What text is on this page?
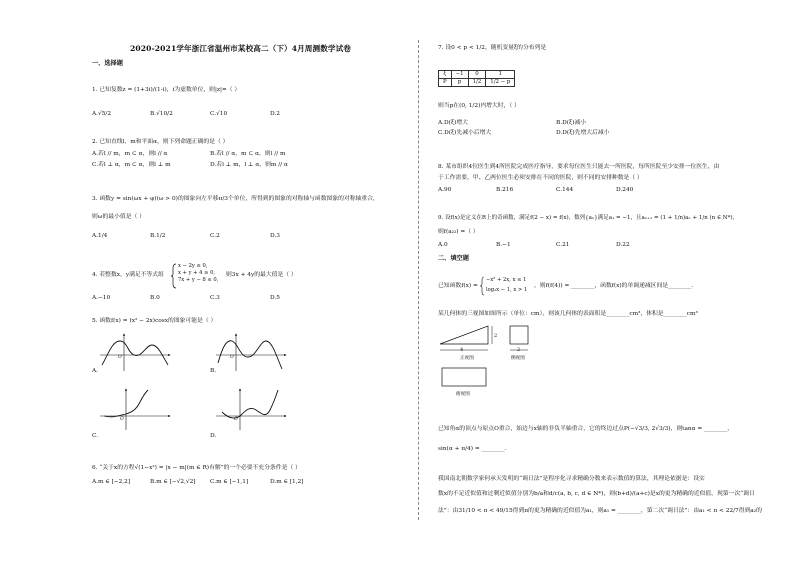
2020-2021学年浙江省温州市某校高二（下）4月周测数学试卷
一、选择题
1. 已知复数z = (1+3i)/(1-i)，i为虚数单位，则|z|=（ ）
A.√5/2	B.√10/2	C.√10	D.2
2. 已知直线l，m和平面α，则下列命题正确的是（ ）
A.若l // m，m ⊂ α，则l // α	B.若l // α，m ⊂ α，则l // m
C.若l ⊥ α，m ⊂ α，则l ⊥ m	D.若l ⊥ m，l ⊥ α，则m // α
3. 函数y = sin(ωx + φ)(ω > 0)的图象向左平移π/3个单位，所得到的图象的对称轴与函数图象的对称轴重合，
则ω的最小值是（ ）
A.1/4	B.1/2	C.2	D.3
4. 若整数x，y满足不等式组
x − 2y ≤ 0,
x + y + 4 ≥ 0,
7x + y − 8 ≤ 0,
则3x + 4y的最大值是（ ）
A.−10	B.0	C.3	D.5
5. 函数f(x) = (x² − 2x)cosx的图象可能是（ ）
O
A.
O
B.
O
C.
O
D.
6. “关于x的方程√(1−x²) = |x − m|(m ∈ R)有解”的一个必要不充分条件是（ ）
A.m ∈ [−2,2]	B.m ∈ [−√2,√2] C.m ∈ [−1,1]	D.m ∈ [1,2]
7. 设0 < p < 1/2，随机变量ξ的分布列是
ξ	−1	0	1
P	p	1/2	1/2 − p
则当p在(0, 1/2)内增大时，（ ）
A.D(ξ)增大	B.D(ξ)减小
C.D(ξ)先减小后增大	D.D(ξ)先增大后减小
8. 某市组织4位医生到4所医院完成医疗指导，要求每位医生只能去一所医院，每所医院至少安排一位医生，由
于工作需要，甲、乙两位医生必须安排在不同的医院，则不同的安排种数是（ ）
A.90	B.216	C.144	D.240
9. 设f(x)是定义在R上的奇函数，满足f(2 − x) = f(x)，数列{aₙ}满足a₁ = −1，且aₙ₊₁ = (1 + 1/n)aₙ + 1/n (n ∈ N*)，
则f(a₂₂) =（ ）
A.0	B.−1	C.21	D.22
二、填空题
已知函数f(x) =
−x² + 2x, x ≤ 1
log₂x − 1, x > 1
，则f(f(4)) = ________，函数f(x)的单调递减区间是________.
某几何体的三视图如图所示（单位：cm），则该几何体的表面积是________cm³，体积是________cm³
4
2
正视图
2
侧视图
俯视图
已知角α的顶点与原点O重合，始边与x轴的非负半轴重合，它的终边过点P(−√3/3, 2√3/3)，则tanα = ________，
sin(α + π/4) = ________.
我国南北朝数学家何承天发明的“调日法”是程序化寻求精确分数来表示数值的算法，其理论依据是：设实
数x的不足近似值和过剩近似值分别为b/a和d/c(a, b, c, d ∈ N*)，则(b+d)/(a+c)是x的更为精确的近似值，现第一次“调日
法”：由31/10 < π < 49/15得到π的更为精确的近似值为a₁，则a₁ = ________，第二次“调日法”：由a₁ < π < 22/7得到a₂的
